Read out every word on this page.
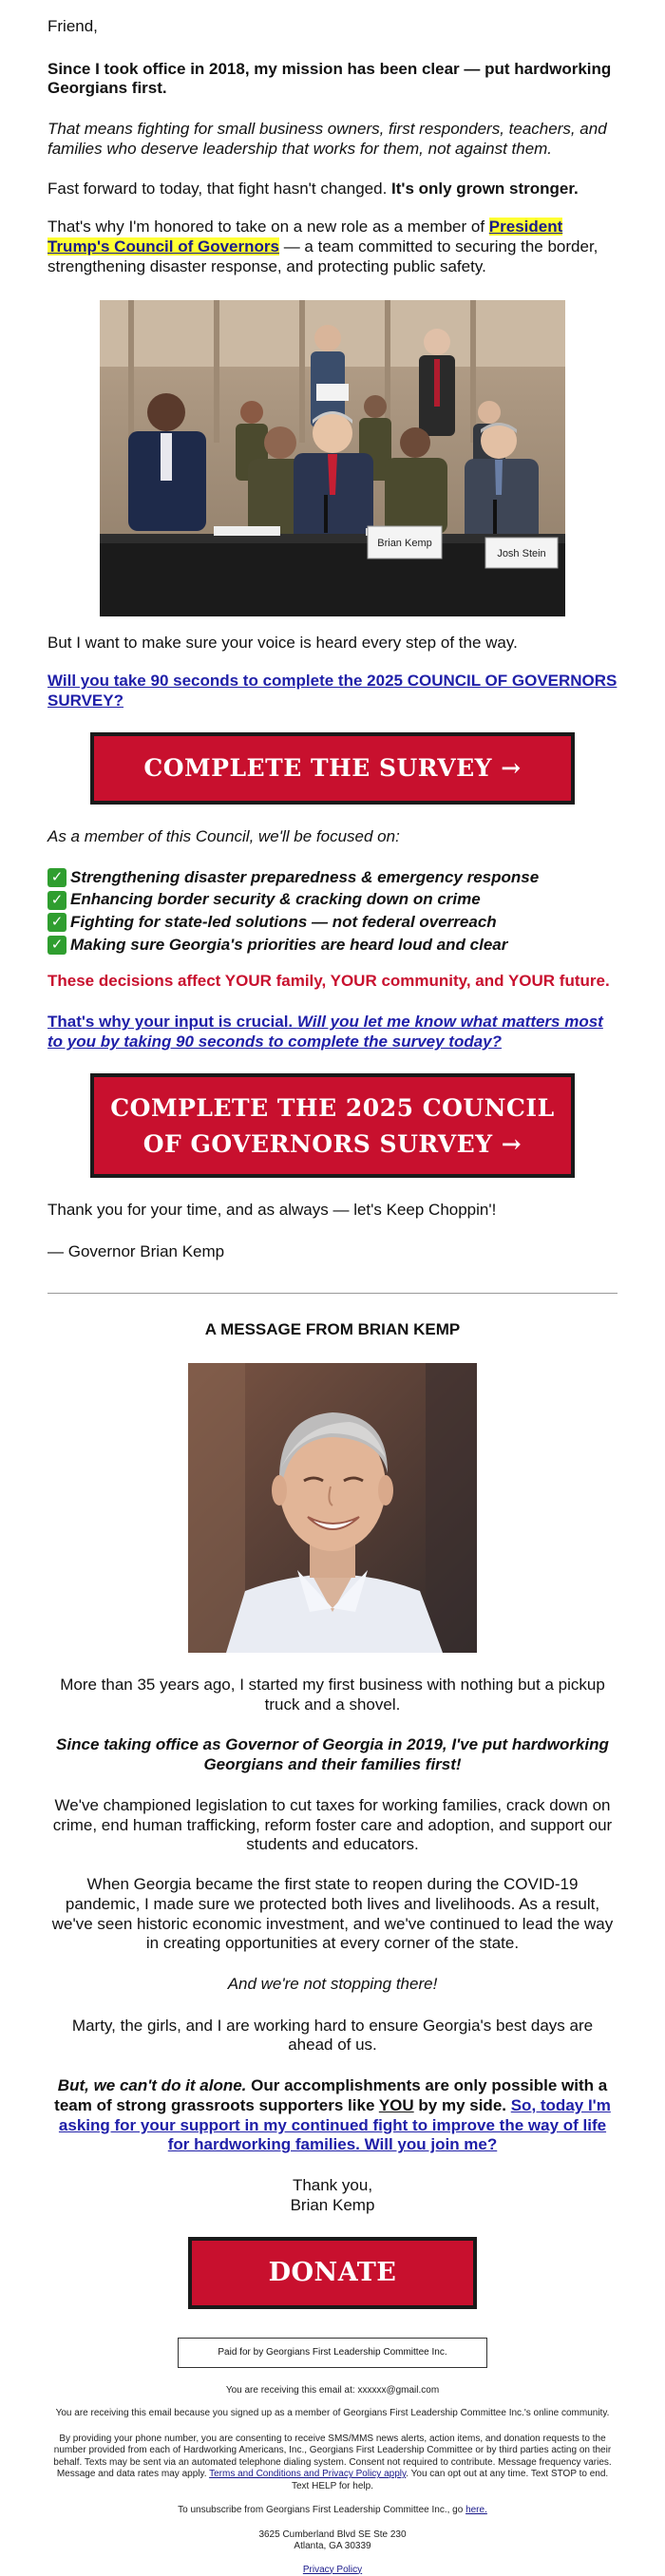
Friend,

Since I took office in 2018, my mission has been clear — put hardworking Georgians first.

That means fighting for small business owners, first responders, teachers, and families who deserve leadership that works for them, not against them.

Fast forward to today, that fight hasn't changed. It's only grown stronger.

That's why I'm honored to take on a new role as a member of President Trump's Council of Governors — a team committed to securing the border, strengthening disaster response, and protecting public safety.

Brian Kemp
Josh Stein

But I want to make sure your voice is heard every step of the way.

Will you take 90 seconds to complete the 2025 COUNCIL OF GOVERNORS SURVEY?

COMPLETE THE SURVEY →

As a member of this Council, we'll be focused on:

✓ Strengthening disaster preparedness & emergency response
✓ Enhancing border security & cracking down on crime
✓ Fighting for state-led solutions — not federal overreach
✓ Making sure Georgia's priorities are heard loud and clear

These decisions affect YOUR family, YOUR community, and YOUR future.

That's why your input is crucial. Will you let me know what matters most to you by taking 90 seconds to complete the survey today?

COMPLETE THE 2025 COUNCIL OF GOVERNORS SURVEY →

Thank you for your time, and as always — let's Keep Choppin'!

— Governor Brian Kemp

A MESSAGE FROM BRIAN KEMP

More than 35 years ago, I started my first business with nothing but a pickup truck and a shovel.

Since taking office as Governor of Georgia in 2019, I've put hardworking Georgians and their families first!

We've championed legislation to cut taxes for working families, crack down on crime, end human trafficking, reform foster care and adoption, and support our students and educators.

When Georgia became the first state to reopen during the COVID-19 pandemic, I made sure we protected both lives and livelihoods. As a result, we've seen historic economic investment, and we've continued to lead the way in creating opportunities at every corner of the state.

And we're not stopping there!

Marty, the girls, and I are working hard to ensure Georgia's best days are ahead of us.

But, we can't do it alone. Our accomplishments are only possible with a team of strong grassroots supporters like YOU by my side. So, today I'm asking for your support in my continued fight to improve the way of life for hardworking families. Will you join me?

Thank you,

Brian Kemp

DONATE
Paid for by Georgians First Leadership Committee Inc.

You are receiving this email at: xxxxxx@gmail.com

You are receiving this email because you signed up as a member of Georgians First Leadership Committee Inc.'s online community.

By providing your phone number, you are consenting to receive SMS/MMS news alerts, action items, and donation requests to the number provided from each of Hardworking Americans, Inc., Georgians First Leadership Committee or by third parties acting on their behalf. Texts may be sent via an automated telephone dialing system. Consent not required to contribute. Message frequency varies. Message and data rates may apply. Terms and Conditions and Privacy Policy apply. You can opt out at any time. Text STOP to end. Text HELP for help.

To unsubscribe from Georgians First Leadership Committee Inc., go here.

3625 Cumberland Blvd SE Ste 230

Atlanta, GA 30339

Privacy Policy
